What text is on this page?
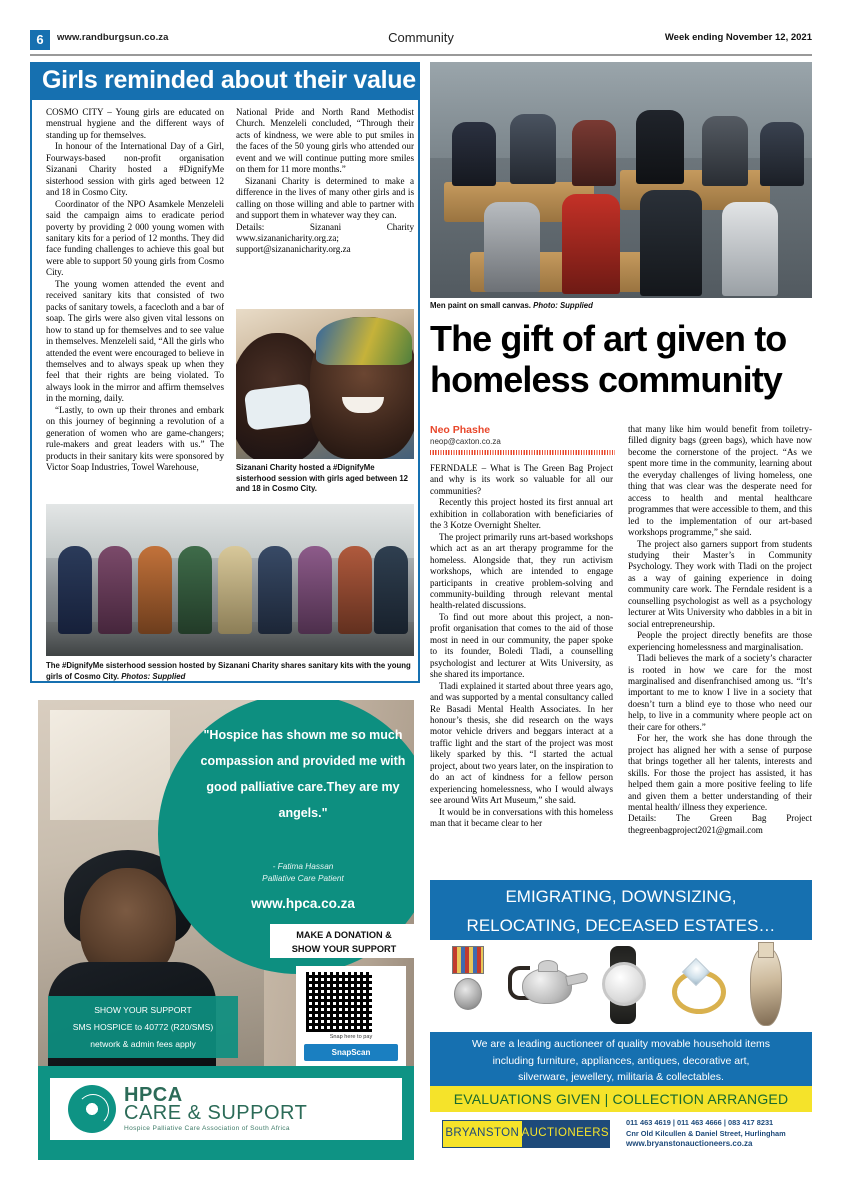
6	www.randburgsun.co.za	Community	Week ending November 12, 2021
Girls reminded about their value

COSMO CITY – Young girls are educated on menstrual hygiene and the different ways of standing up for themselves.

In honour of the International Day of a Girl, Fourways-based non-profit organisation Sizanani Charity hosted a #DignifyMe sisterhood session with girls aged between 12 and 18 in Cosmo City.

Coordinator of the NPO Asamkele Menzeleli said the campaign aims to eradicate period poverty by providing 2 000 young women with sanitary kits for a period of 12 months. They did face funding challenges to achieve this goal but were able to support 50 young girls from Cosmo City.

The young women attended the event and received sanitary kits that consisted of two packs of sanitary towels, a facecloth and a bar of soap. The girls were also given vital lessons on how to stand up for themselves and to see value in themselves. Menzeleli said, “All the girls who attended the event were encouraged to believe in themselves and to always speak up when they feel that their rights are being violated. To always look in the mirror and affirm themselves in the morning, daily.

“Lastly, to own up their thrones and embark on this journey of beginning a revolution of a generation of women who are game-changers; rule-makers and great leaders with us.” The products in their sanitary kits were sponsored by Victor Soap Industries, Towel Warehouse,

National Pride and North Rand Methodist Church. Menzeleli concluded, “Through their acts of kindness, we were able to put smiles in the faces of the 50 young girls who attended our event and we will continue putting more smiles on them for 11 more months.”

Sizanani Charity is determined to make a difference in the lives of many other girls and is calling on those willing and able to partner with and support them in whatever way they can.

Details: Sizanani Charity www.sizananicharity.org.za; support@sizananicharity.org.za

Sizanani Charity hosted a #DignifyMe sisterhood session with girls aged between 12 and 18 in Cosmo City.
The #DignifyMe sisterhood session hosted by Sizanani Charity shares sanitary kits with the young girls of Cosmo City. Photos: Supplied
Men paint on small canvas. Photo: Supplied
The gift of art given to homeless community
Neo Phashe
neop@caxton.co.za

FERNDALE – What is The Green Bag Project and why is its work so valuable for all our communities?

Recently this project hosted its first annual art exhibition in collaboration with beneficiaries of the 3 Kotze Overnight Shelter.

The project primarily runs art-based workshops which act as an art therapy programme for the homeless. Alongside that, they run activism workshops, which are intended to engage participants in creative problem-solving and community-building through relevant mental health-related discussions.

To find out more about this project, a non-profit organisation that comes to the aid of those most in need in our community, the paper spoke to its founder, Boledi Tladi, a counselling psychologist and lecturer at Wits University, as she shared its importance.

Tladi explained it started about three years ago, and was supported by a mental consultancy called Re Basadi Mental Health Associates. In her honour’s thesis, she did research on the ways motor vehicle drivers and beggars interact at a traffic light and the start of the project was most likely sparked by this. “I started the actual project, about two years later, on the inspiration to do an act of kindness for a fellow person experiencing homelessness, who I would always see around Wits Art Museum,” she said.

It would be in conversations with this homeless man that it became clear to her

that many like him would benefit from toiletry-filled dignity bags (green bags), which have now become the cornerstone of the project. “As we spent more time in the community, learning about the everyday challenges of living homeless, one thing that was clear was the desperate need for access to health and mental healthcare programmes that were accessible to them, and this led to the implementation of our art-based workshops programme,” she said.

The project also garners support from students studying their Master’s in Community Psychology. They work with Tladi on the project as a way of gaining experience in doing community care work. The Ferndale resident is a counselling psychologist as well as a psychology lecturer at Wits University who dabbles in a bit in social entrepreneurship.

People the project directly benefits are those experiencing homelessness and marginalisation.

Tladi believes the mark of a society’s character is rooted in how we care for the most marginalised and disenfranchised among us. “It’s important to me to know I live in a society that doesn’t turn a blind eye to those who need our help, to live in a community where people act on their care for others.”

For her, the work she has done through the project has aligned her with a sense of purpose that brings together all her talents, interests and skills. For those the project has assisted, it has helped them gain a more positive feeling to life and given them a better understanding of their mental health/ illness they experience.

Details: The Green Bag Project thegreenbagproject2021@gmail.com

"Hospice has shown me so much compassion and provided me with good palliative care.They are my angels."
- Fatima Hassan
Palliative Care Patient
www.hpca.co.za
MAKE A DONATION &
SHOW YOUR SUPPORT
Snap here to pay
SnapScan
SHOW YOUR SUPPORT
SMS HOSPICE to 40772 (R20/SMS)
network & admin fees apply
HPCA
CARE & SUPPORT
Hospice Palliative Care Association of South Africa
EMIGRATING, DOWNSIZING,
RELOCATING, DECEASED ESTATES…
We are a leading auctioneer of quality movable household items
including furniture, appliances, antiques, decorative art,
silverware, jewellery, militaria & collectables.
EVALUATIONS GIVEN | COLLECTION ARRANGED
BRYANSTON AUCTIONEERS
011 463 4619 | 011 463 4666 | 083 417 8231
Cnr Old Kilcullen & Daniel Street, Hurlingham
www.bryanstonauctioneers.co.za
